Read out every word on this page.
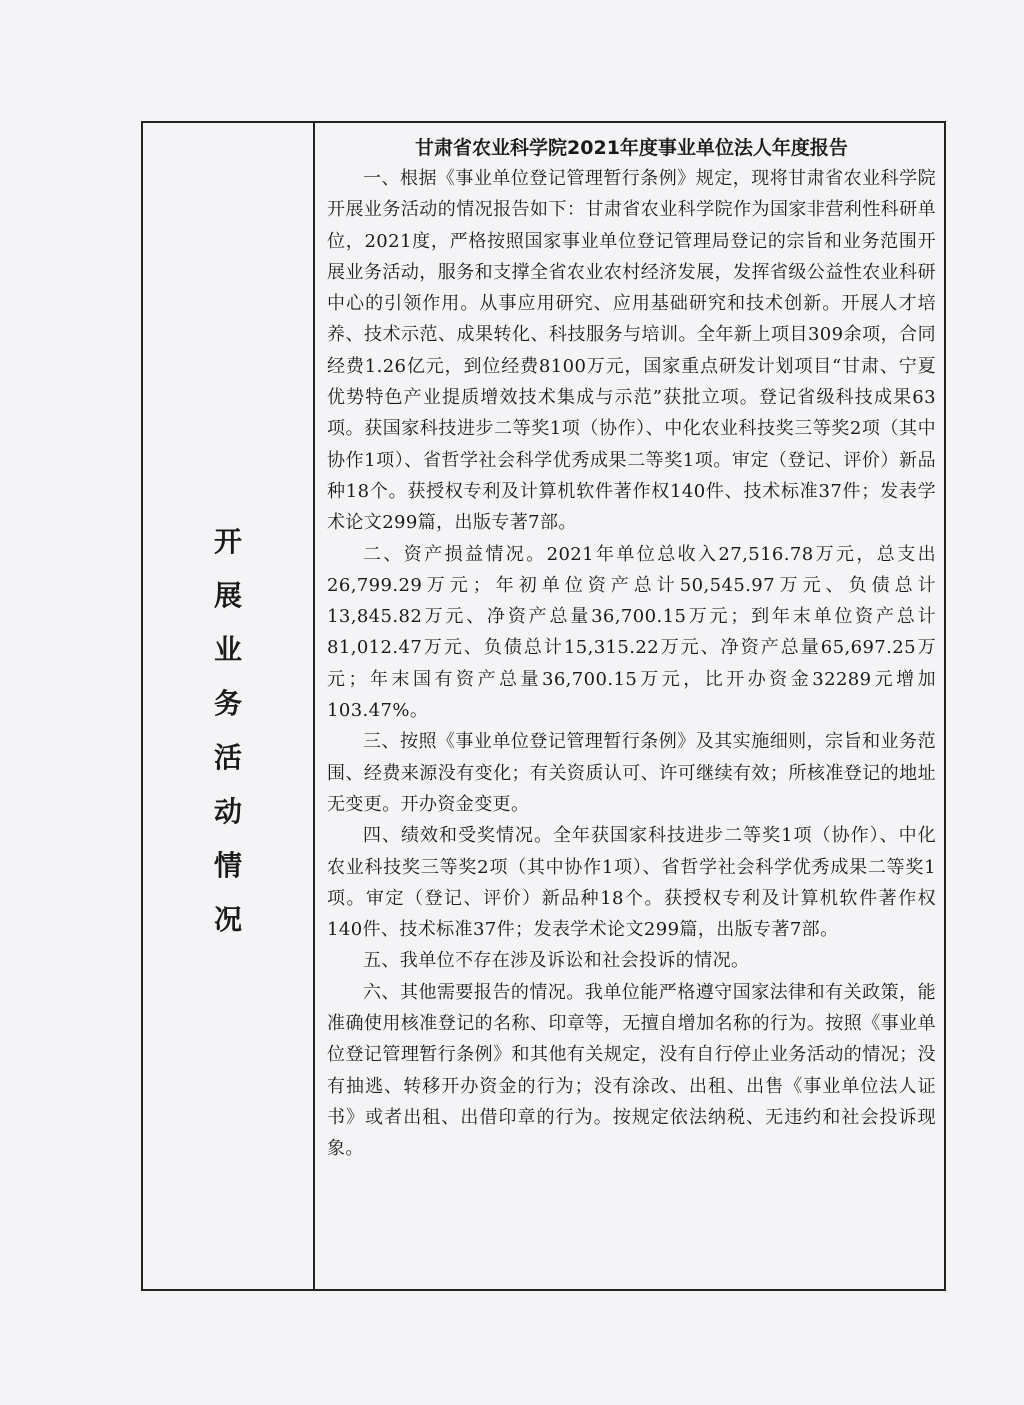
开
展
业
务
活
动
情
况
甘肃省农业科学院2021年度事业单位法人年度报告

一、根据《事业单位登记管理暂行条例》规定，现将甘肃省农业科学院开展业务活动的情况报告如下：甘肃省农业科学院作为国家非营利性科研单位，2021度，严格按照国家事业单位登记管理局登记的宗旨和业务范围开展业务活动，服务和支撑全省农业农村经济发展，发挥省级公益性农业科研中心的引领作用。从事应用研究、应用基础研究和技术创新。开展人才培养、技术示范、成果转化、科技服务与培训。全年新上项目309余项，合同经费1.26亿元，到位经费8100万元，国家重点研发计划项目“甘肃、宁夏优势特色产业提质增效技术集成与示范”获批立项。登记省级科技成果63项。获国家科技进步二等奖1项（协作）、中化农业科技奖三等奖2项（其中协作1项）、省哲学社会科学优秀成果二等奖1项。审定（登记、评价）新品种18个。获授权专利及计算机软件著作权140件、技术标准37件；发表学术论文299篇，出版专著7部。

二、资产损益情况。2021年单位总收入27,516.78万元，总支出26,799.29万元；年初单位资产总计50,545.97万元、负债总计13,845.82万元、净资产总量36,700.15万元；到年末单位资产总计81,012.47万元、负债总计15,315.22万元、净资产总量65,697.25万元；年末国有资产总量36,700.15万元，比开办资金32289元增加103.47%。

三、按照《事业单位登记管理暂行条例》及其实施细则，宗旨和业务范围、经费来源没有变化；有关资质认可、许可继续有效；所核准登记的地址无变更。开办资金变更。

四、绩效和受奖情况。全年获国家科技进步二等奖1项（协作）、中化农业科技奖三等奖2项（其中协作1项）、省哲学社会科学优秀成果二等奖1项。审定（登记、评价）新品种18个。获授权专利及计算机软件著作权140件、技术标准37件；发表学术论文299篇，出版专著7部。

五、我单位不存在涉及诉讼和社会投诉的情况。

六、其他需要报告的情况。我单位能严格遵守国家法律和有关政策，能准确使用核准登记的名称、印章等，无擅自增加名称的行为。按照《事业单位登记管理暂行条例》和其他有关规定，没有自行停止业务活动的情况；没有抽逃、转移开办资金的行为；没有涂改、出租、出售《事业单位法人证书》或者出租、出借印章的行为。按规定依法纳税、无违约和社会投诉现象。
